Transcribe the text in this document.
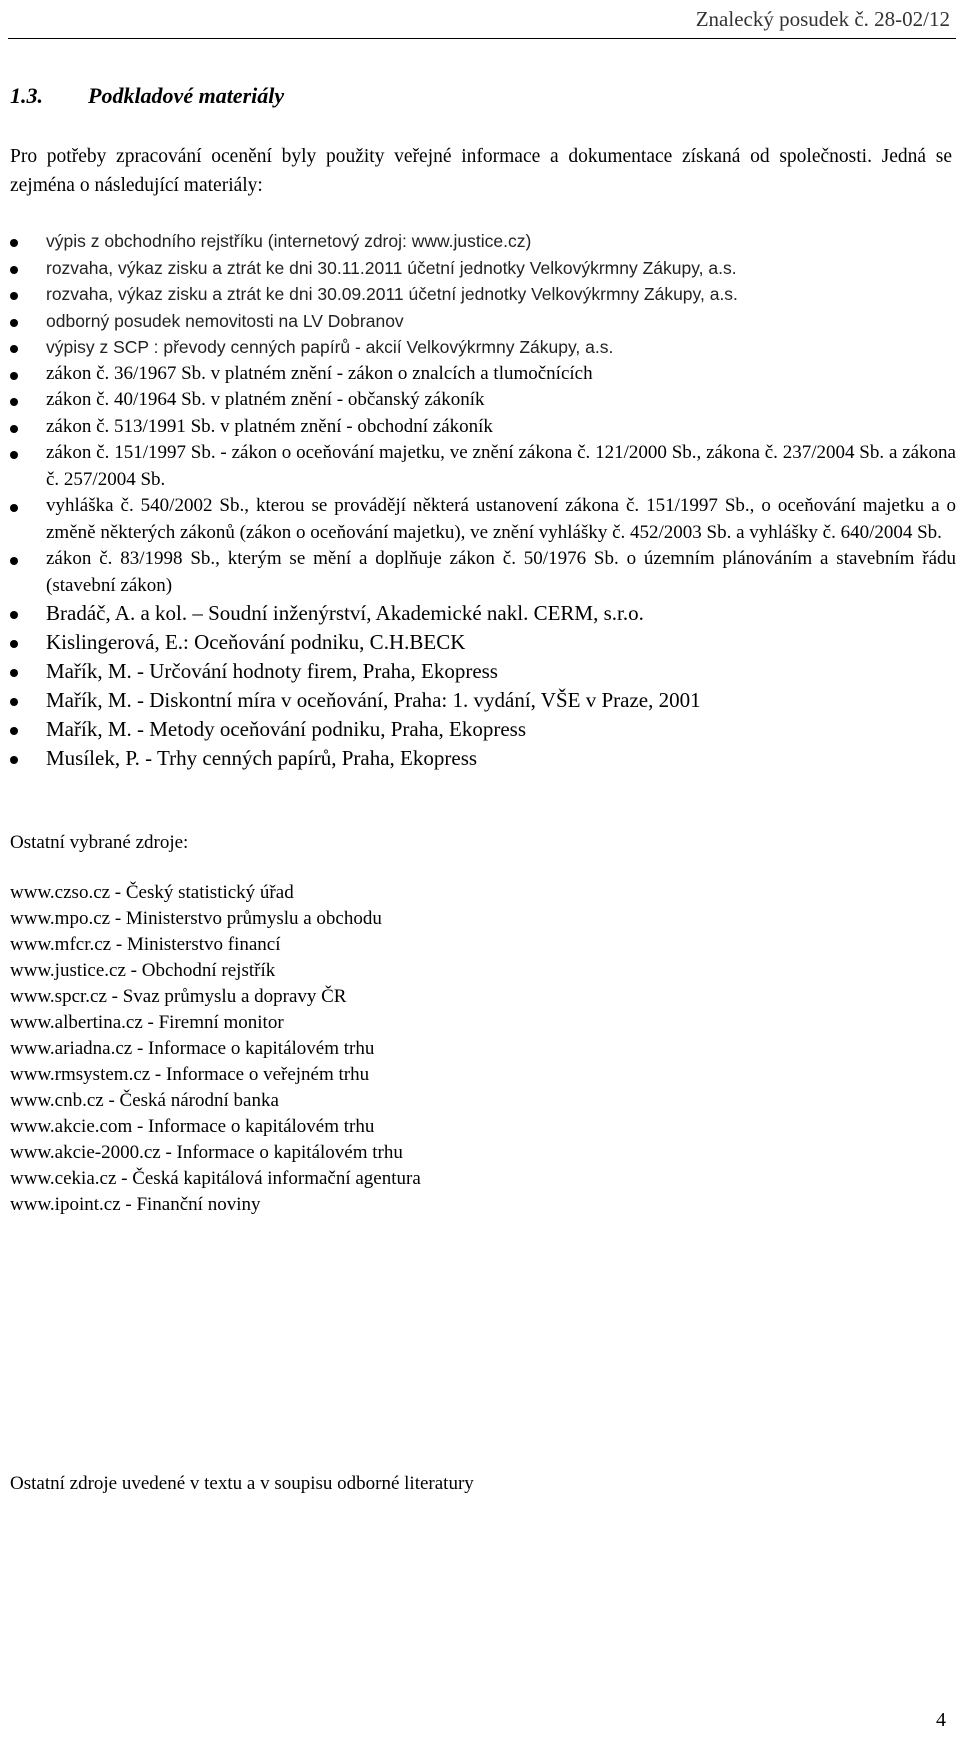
Znalecký posudek č. 28-02/12
1.3. Podkladové materiály
Pro potřeby zpracování ocenění byly použity veřejné informace a dokumentace získaná od společnosti. Jedná se zejména o následující materiály:
výpis z obchodního rejstříku (internetový zdroj: www.justice.cz)
rozvaha, výkaz zisku a ztrát ke dni 30.11.2011 účetní jednotky Velkovýkrmny Zákupy, a.s.
rozvaha, výkaz zisku a ztrát ke dni 30.09.2011 účetní jednotky Velkovýkrmny Zákupy, a.s.
odborný posudek nemovitosti na LV Dobranov
výpisy z SCP : převody cenných papírů - akcií Velkovýkrmny Zákupy, a.s.
zákon č. 36/1967 Sb. v platném znění - zákon o znalcích a tlumočnících
zákon č. 40/1964 Sb. v platném znění - občanský zákoník
zákon č. 513/1991 Sb. v platném znění - obchodní zákoník
zákon č. 151/1997 Sb. - zákon o oceňování majetku, ve znění zákona č. 121/2000 Sb., zákona č. 237/2004 Sb. a zákona č. 257/2004 Sb.
vyhláška č. 540/2002 Sb., kterou se provádějí některá ustanovení zákona č. 151/1997 Sb., o oceňování majetku a o změně některých zákonů (zákon o oceňování majetku), ve znění vyhlášky č. 452/2003 Sb. a vyhlášky č. 640/2004 Sb.
zákon č. 83/1998 Sb., kterým se mění a doplňuje zákon č. 50/1976 Sb. o územním plánováním a stavebním řádu (stavební zákon)
Bradáč, A. a kol. – Soudní inženýrství, Akademické nakl. CERM, s.r.o.
Kislingerová, E.: Oceňování podniku, C.H.BECK
Mařík, M. - Určování hodnoty firem, Praha, Ekopress
Mařík, M. - Diskontní míra v oceňování, Praha: 1. vydání, VŠE v Praze, 2001
Mařík, M. - Metody oceňování podniku, Praha, Ekopress
Musílek, P. - Trhy cenných papírů, Praha, Ekopress
Ostatní vybrané zdroje:
www.czso.cz - Český statistický úřad
www.mpo.cz - Ministerstvo průmyslu a obchodu
www.mfcr.cz - Ministerstvo financí
www.justice.cz - Obchodní rejstřík
www.spcr.cz - Svaz průmyslu a dopravy ČR
www.albertina.cz - Firemní monitor
www.ariadna.cz - Informace o kapitálovém trhu
www.rmsystem.cz - Informace o veřejném trhu
www.cnb.cz - Česká národní banka
www.akcie.com - Informace o kapitálovém trhu
www.akcie-2000.cz - Informace o kapitálovém trhu
www.cekia.cz - Česká kapitálová informační agentura
www.ipoint.cz - Finanční noviny
Ostatní zdroje uvedené v textu a v soupisu odborné literatury
4
